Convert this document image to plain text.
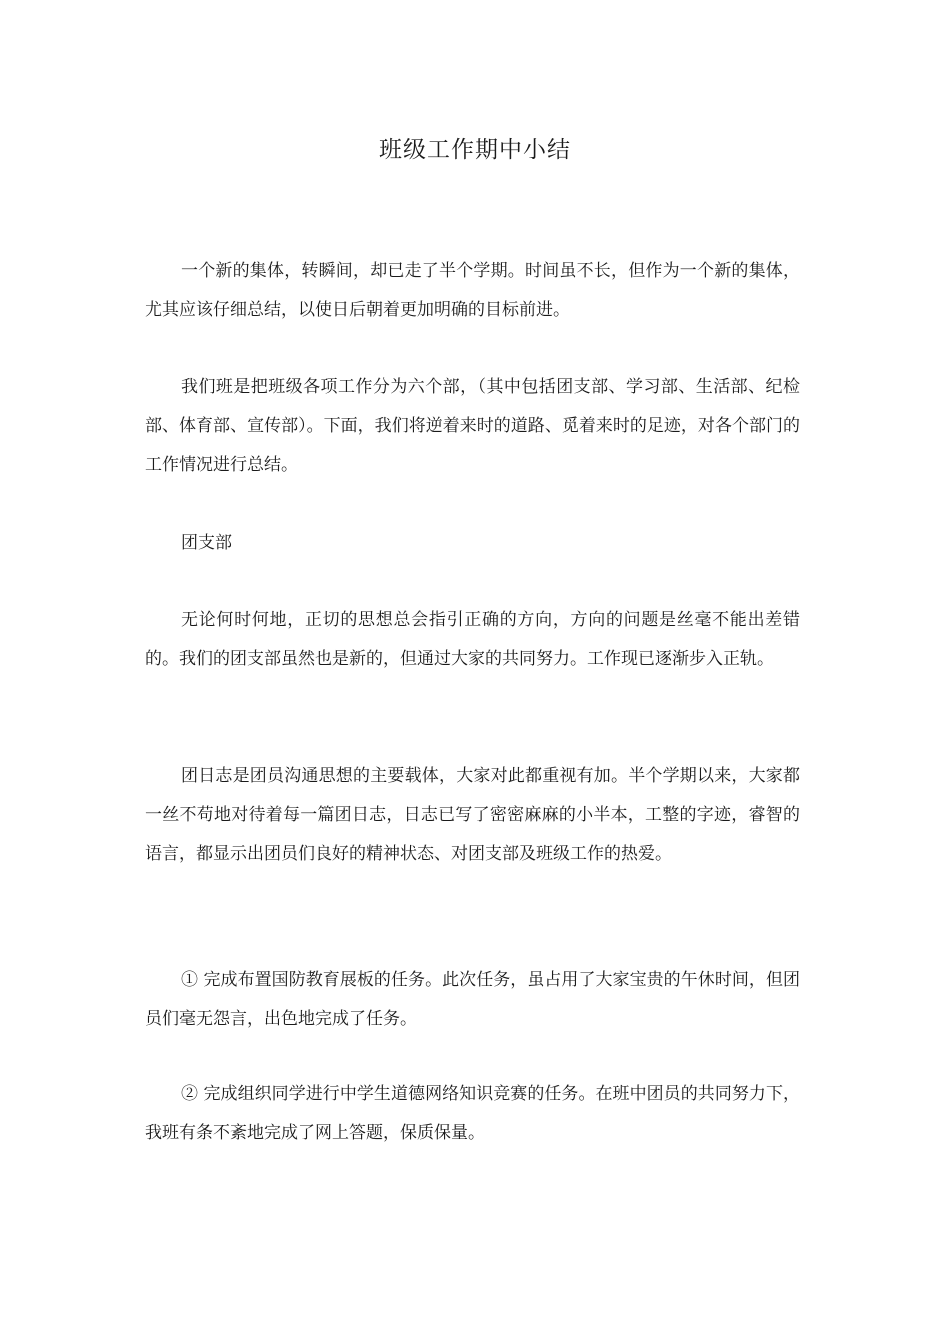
班级工作期中小结

一个新的集体，转瞬间，却已走了半个学期。时间虽不长，但作为一个新的集体，尤其应该仔细总结，以使日后朝着更加明确的目标前进。

我们班是把班级各项工作分为六个部，（其中包括团支部、学习部、生活部、纪检部、体育部、宣传部）。下面，我们将逆着来时的道路、觅着来时的足迹，对各个部门的工作情况进行总结。

团支部

无论何时何地，正切的思想总会指引正确的方向，方向的问题是丝毫不能出差错的。我们的团支部虽然也是新的，但通过大家的共同努力。工作现已逐渐步入正轨。

团日志是团员沟通思想的主要载体，大家对此都重视有加。半个学期以来，大家都一丝不苟地对待着每一篇团日志，日志已写了密密麻麻的小半本，工整的字迹，睿智的语言，都显示出团员们良好的精神状态、对团支部及班级工作的热爱。

① 完成布置国防教育展板的任务。此次任务，虽占用了大家宝贵的午休时间，但团员们毫无怨言，出色地完成了任务。

② 完成组织同学进行中学生道德网络知识竞赛的任务。在班中团员的共同努力下，我班有条不紊地完成了网上答题，保质保量。
